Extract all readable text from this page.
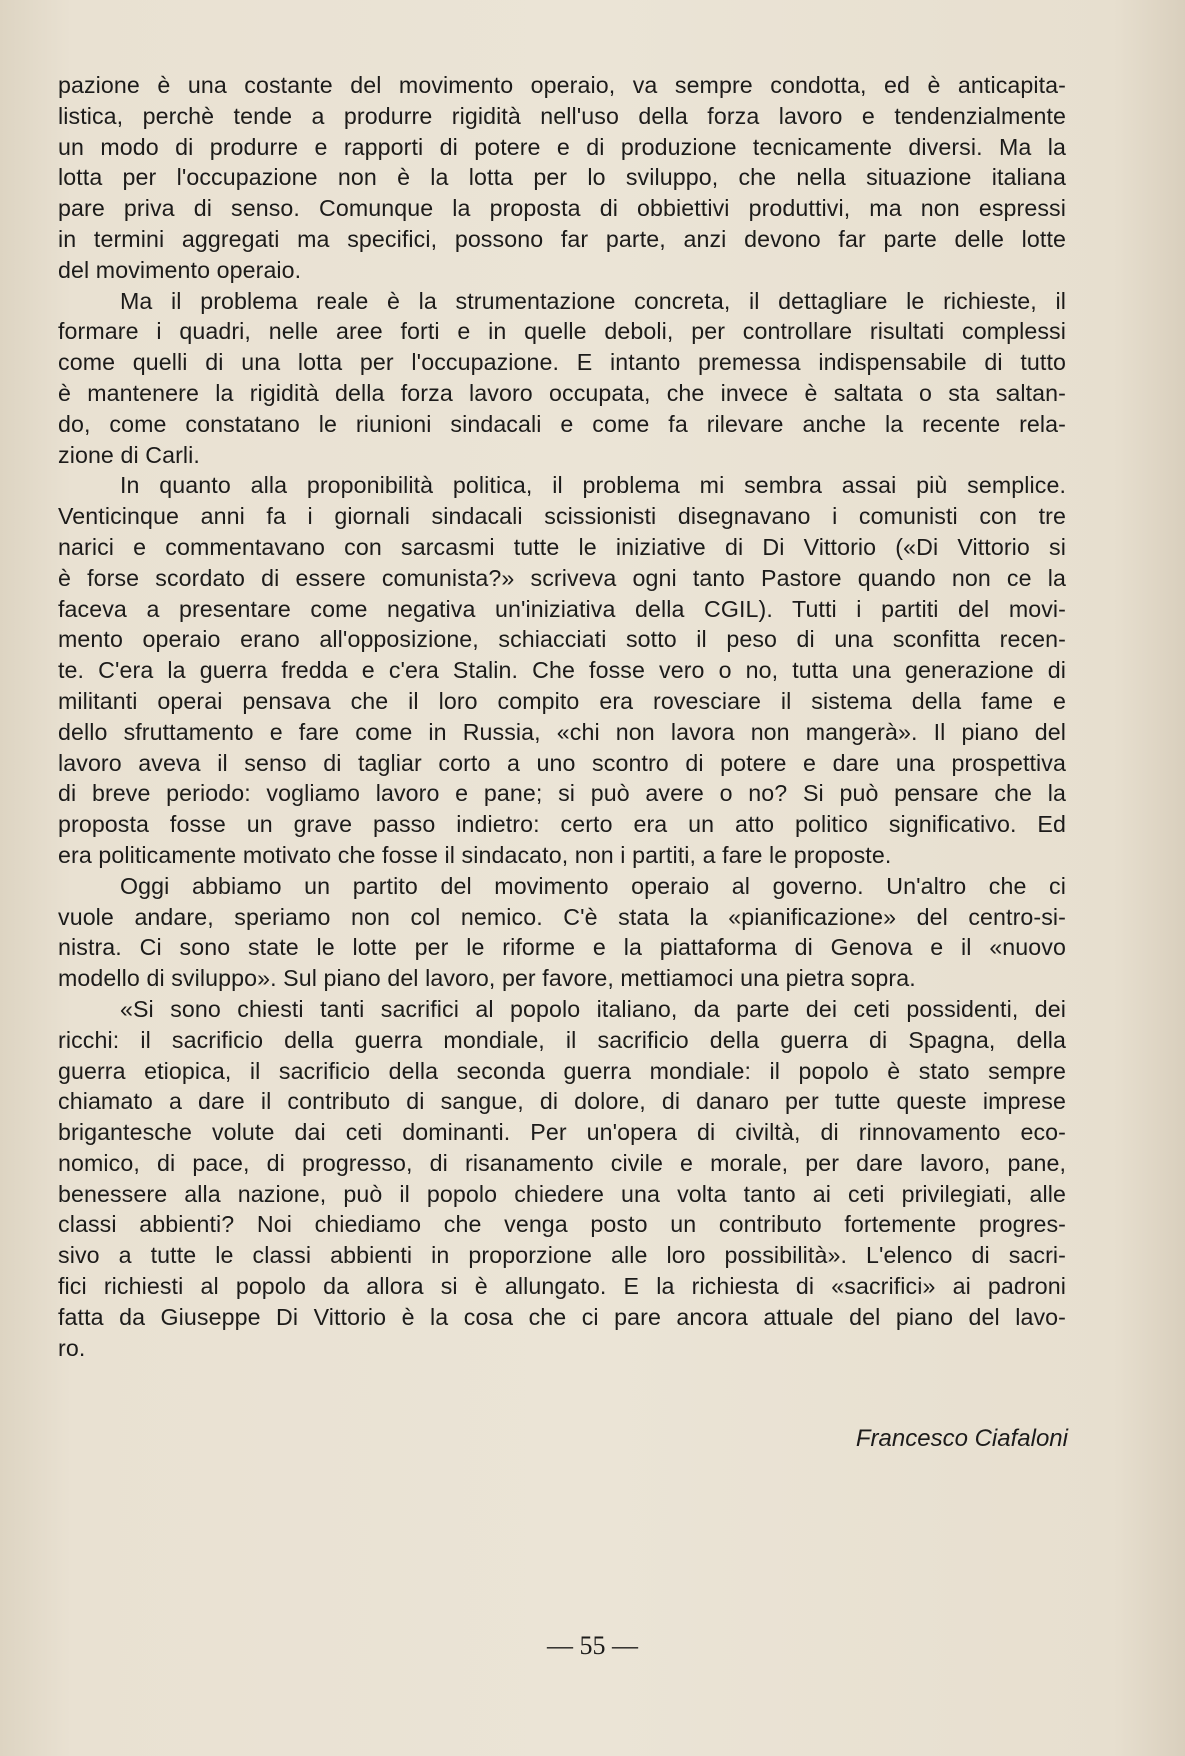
pazione è una costante del movimento operaio, va sempre condotta, ed è anticapita-
listica, perchè tende a produrre rigidità nell'uso della forza lavoro e tendenzialmente
un modo di produrre e rapporti di potere e di produzione tecnicamente diversi. Ma la
lotta per l'occupazione non è la lotta per lo sviluppo, che nella situazione italiana
pare priva di senso. Comunque la proposta di obbiettivi produttivi, ma non espressi
in termini aggregati ma specifici, possono far parte, anzi devono far parte delle lotte
del movimento operaio.
Ma il problema reale è la strumentazione concreta, il dettagliare le richieste, il
formare i quadri, nelle aree forti e in quelle deboli, per controllare risultati complessi
come quelli di una lotta per l'occupazione. E intanto premessa indispensabile di tutto
è mantenere la rigidità della forza lavoro occupata, che invece è saltata o sta saltan-
do, come constatano le riunioni sindacali e come fa rilevare anche la recente rela-
zione di Carli.
In quanto alla proponibilità politica, il problema mi sembra assai più semplice.
Venticinque anni fa i giornali sindacali scissionisti disegnavano i comunisti con tre
narici e commentavano con sarcasmi tutte le iniziative di Di Vittorio («Di Vittorio si
è forse scordato di essere comunista?» scriveva ogni tanto Pastore quando non ce la
faceva a presentare come negativa un'iniziativa della CGIL). Tutti i partiti del movi-
mento operaio erano all'opposizione, schiacciati sotto il peso di una sconfitta recen-
te. C'era la guerra fredda e c'era Stalin. Che fosse vero o no, tutta una generazione di
militanti operai pensava che il loro compito era rovesciare il sistema della fame e
dello sfruttamento e fare come in Russia, «chi non lavora non mangerà». Il piano del
lavoro aveva il senso di tagliar corto a uno scontro di potere e dare una prospettiva
di breve periodo: vogliamo lavoro e pane; si può avere o no? Si può pensare che la
proposta fosse un grave passo indietro: certo era un atto politico significativo. Ed
era politicamente motivato che fosse il sindacato, non i partiti, a fare le proposte.
Oggi abbiamo un partito del movimento operaio al governo. Un'altro che ci
vuole andare, speriamo non col nemico. C'è stata la «pianificazione» del centro-si-
nistra. Ci sono state le lotte per le riforme e la piattaforma di Genova e il «nuovo
modello di sviluppo». Sul piano del lavoro, per favore, mettiamoci una pietra sopra.
«Si sono chiesti tanti sacrifici al popolo italiano, da parte dei ceti possidenti, dei
ricchi: il sacrificio della guerra mondiale, il sacrificio della guerra di Spagna, della
guerra etiopica, il sacrificio della seconda guerra mondiale: il popolo è stato sempre
chiamato a dare il contributo di sangue, di dolore, di danaro per tutte queste imprese
brigantesche volute dai ceti dominanti. Per un'opera di civiltà, di rinnovamento eco-
nomico, di pace, di progresso, di risanamento civile e morale, per dare lavoro, pane,
benessere alla nazione, può il popolo chiedere una volta tanto ai ceti privilegiati, alle
classi abbienti? Noi chiediamo che venga posto un contributo fortemente progres-
sivo a tutte le classi abbienti in proporzione alle loro possibilità». L'elenco di sacri-
fici richiesti al popolo da allora si è allungato. E la richiesta di «sacrifici» ai padroni
fatta da Giuseppe Di Vittorio è la cosa che ci pare ancora attuale del piano del lavo-
ro.
Francesco Ciafaloni
— 55 —
